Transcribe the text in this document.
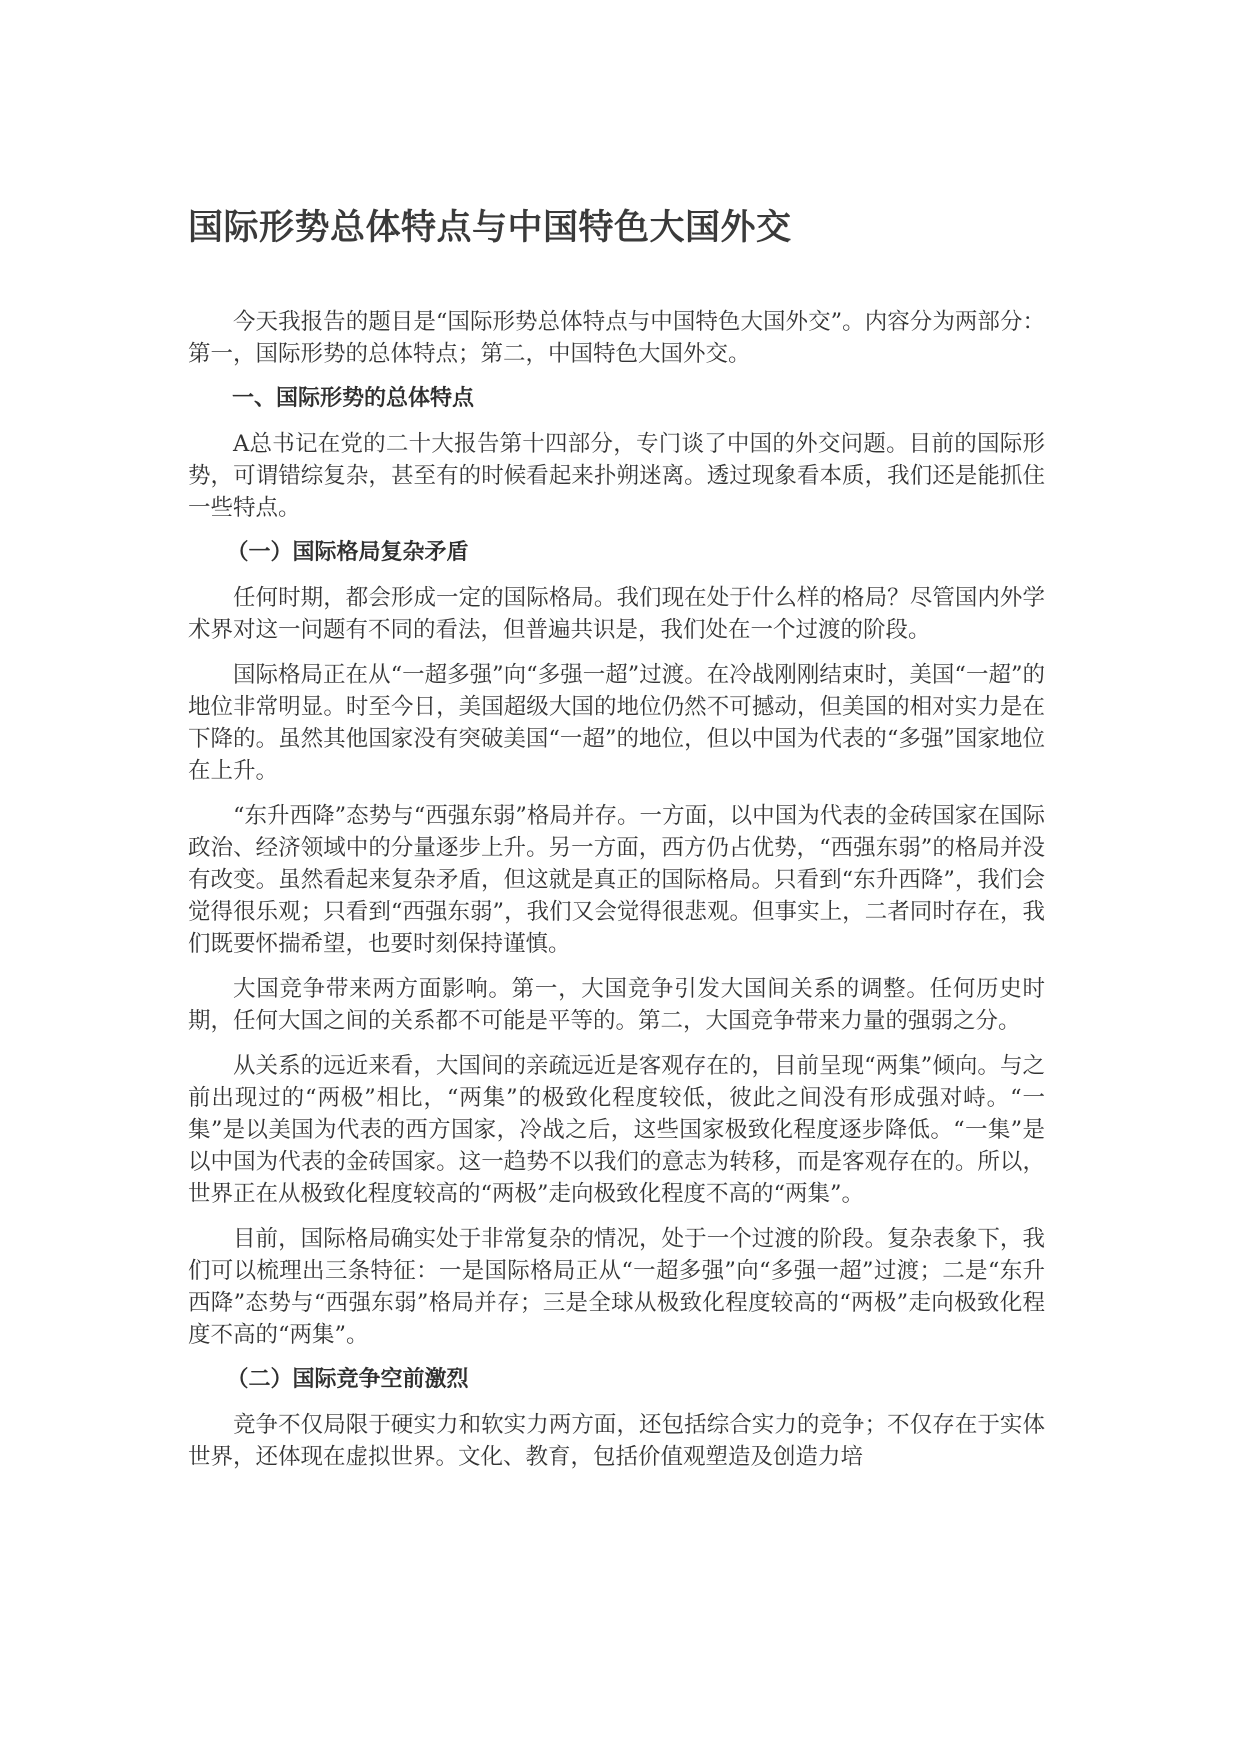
国际形势总体特点与中国特色大国外交

今天我报告的题目是“国际形势总体特点与中国特色大国外交”。内容分为两部分：第一，国际形势的总体特点；第二，中国特色大国外交。

一、国际形势的总体特点

A总书记在党的二十大报告第十四部分，专门谈了中国的外交问题。目前的国际形势，可谓错综复杂，甚至有的时候看起来扑朔迷离。透过现象看本质，我们还是能抓住一些特点。

（一）国际格局复杂矛盾

任何时期，都会形成一定的国际格局。我们现在处于什么样的格局？尽管国内外学术界对这一问题有不同的看法，但普遍共识是，我们处在一个过渡的阶段。

国际格局正在从“一超多强”向“多强一超”过渡。在冷战刚刚结束时，美国“一超”的地位非常明显。时至今日，美国超级大国的地位仍然不可撼动，但美国的相对实力是在下降的。虽然其他国家没有突破美国“一超”的地位，但以中国为代表的“多强”国家地位在上升。

“东升西降”态势与“西强东弱”格局并存。一方面，以中国为代表的金砖国家在国际政治、经济领域中的分量逐步上升。另一方面，西方仍占优势，“西强东弱”的格局并没有改变。虽然看起来复杂矛盾，但这就是真正的国际格局。只看到“东升西降”，我们会觉得很乐观；只看到“西强东弱”，我们又会觉得很悲观。但事实上，二者同时存在，我们既要怀揣希望，也要时刻保持谨慎。

大国竞争带来两方面影响。第一，大国竞争引发大国间关系的调整。任何历史时期，任何大国之间的关系都不可能是平等的。第二，大国竞争带来力量的强弱之分。

从关系的远近来看，大国间的亲疏远近是客观存在的，目前呈现“两集”倾向。与之前出现过的“两极”相比，“两集”的极致化程度较低，彼此之间没有形成强对峙。“一集”是以美国为代表的西方国家，冷战之后，这些国家极致化程度逐步降低。“一集”是以中国为代表的金砖国家。这一趋势不以我们的意志为转移，而是客观存在的。所以，世界正在从极致化程度较高的“两极”走向极致化程度不高的“两集”。

目前，国际格局确实处于非常复杂的情况，处于一个过渡的阶段。复杂表象下，我们可以梳理出三条特征：一是国际格局正从“一超多强”向“多强一超”过渡；二是“东升西降”态势与“西强东弱”格局并存；三是全球从极致化程度较高的“两极”走向极致化程度不高的“两集”。

（二）国际竞争空前激烈

竞争不仅局限于硬实力和软实力两方面，还包括综合实力的竞争；不仅存在于实体世界，还体现在虚拟世界。文化、教育，包括价值观塑造及创造力培
